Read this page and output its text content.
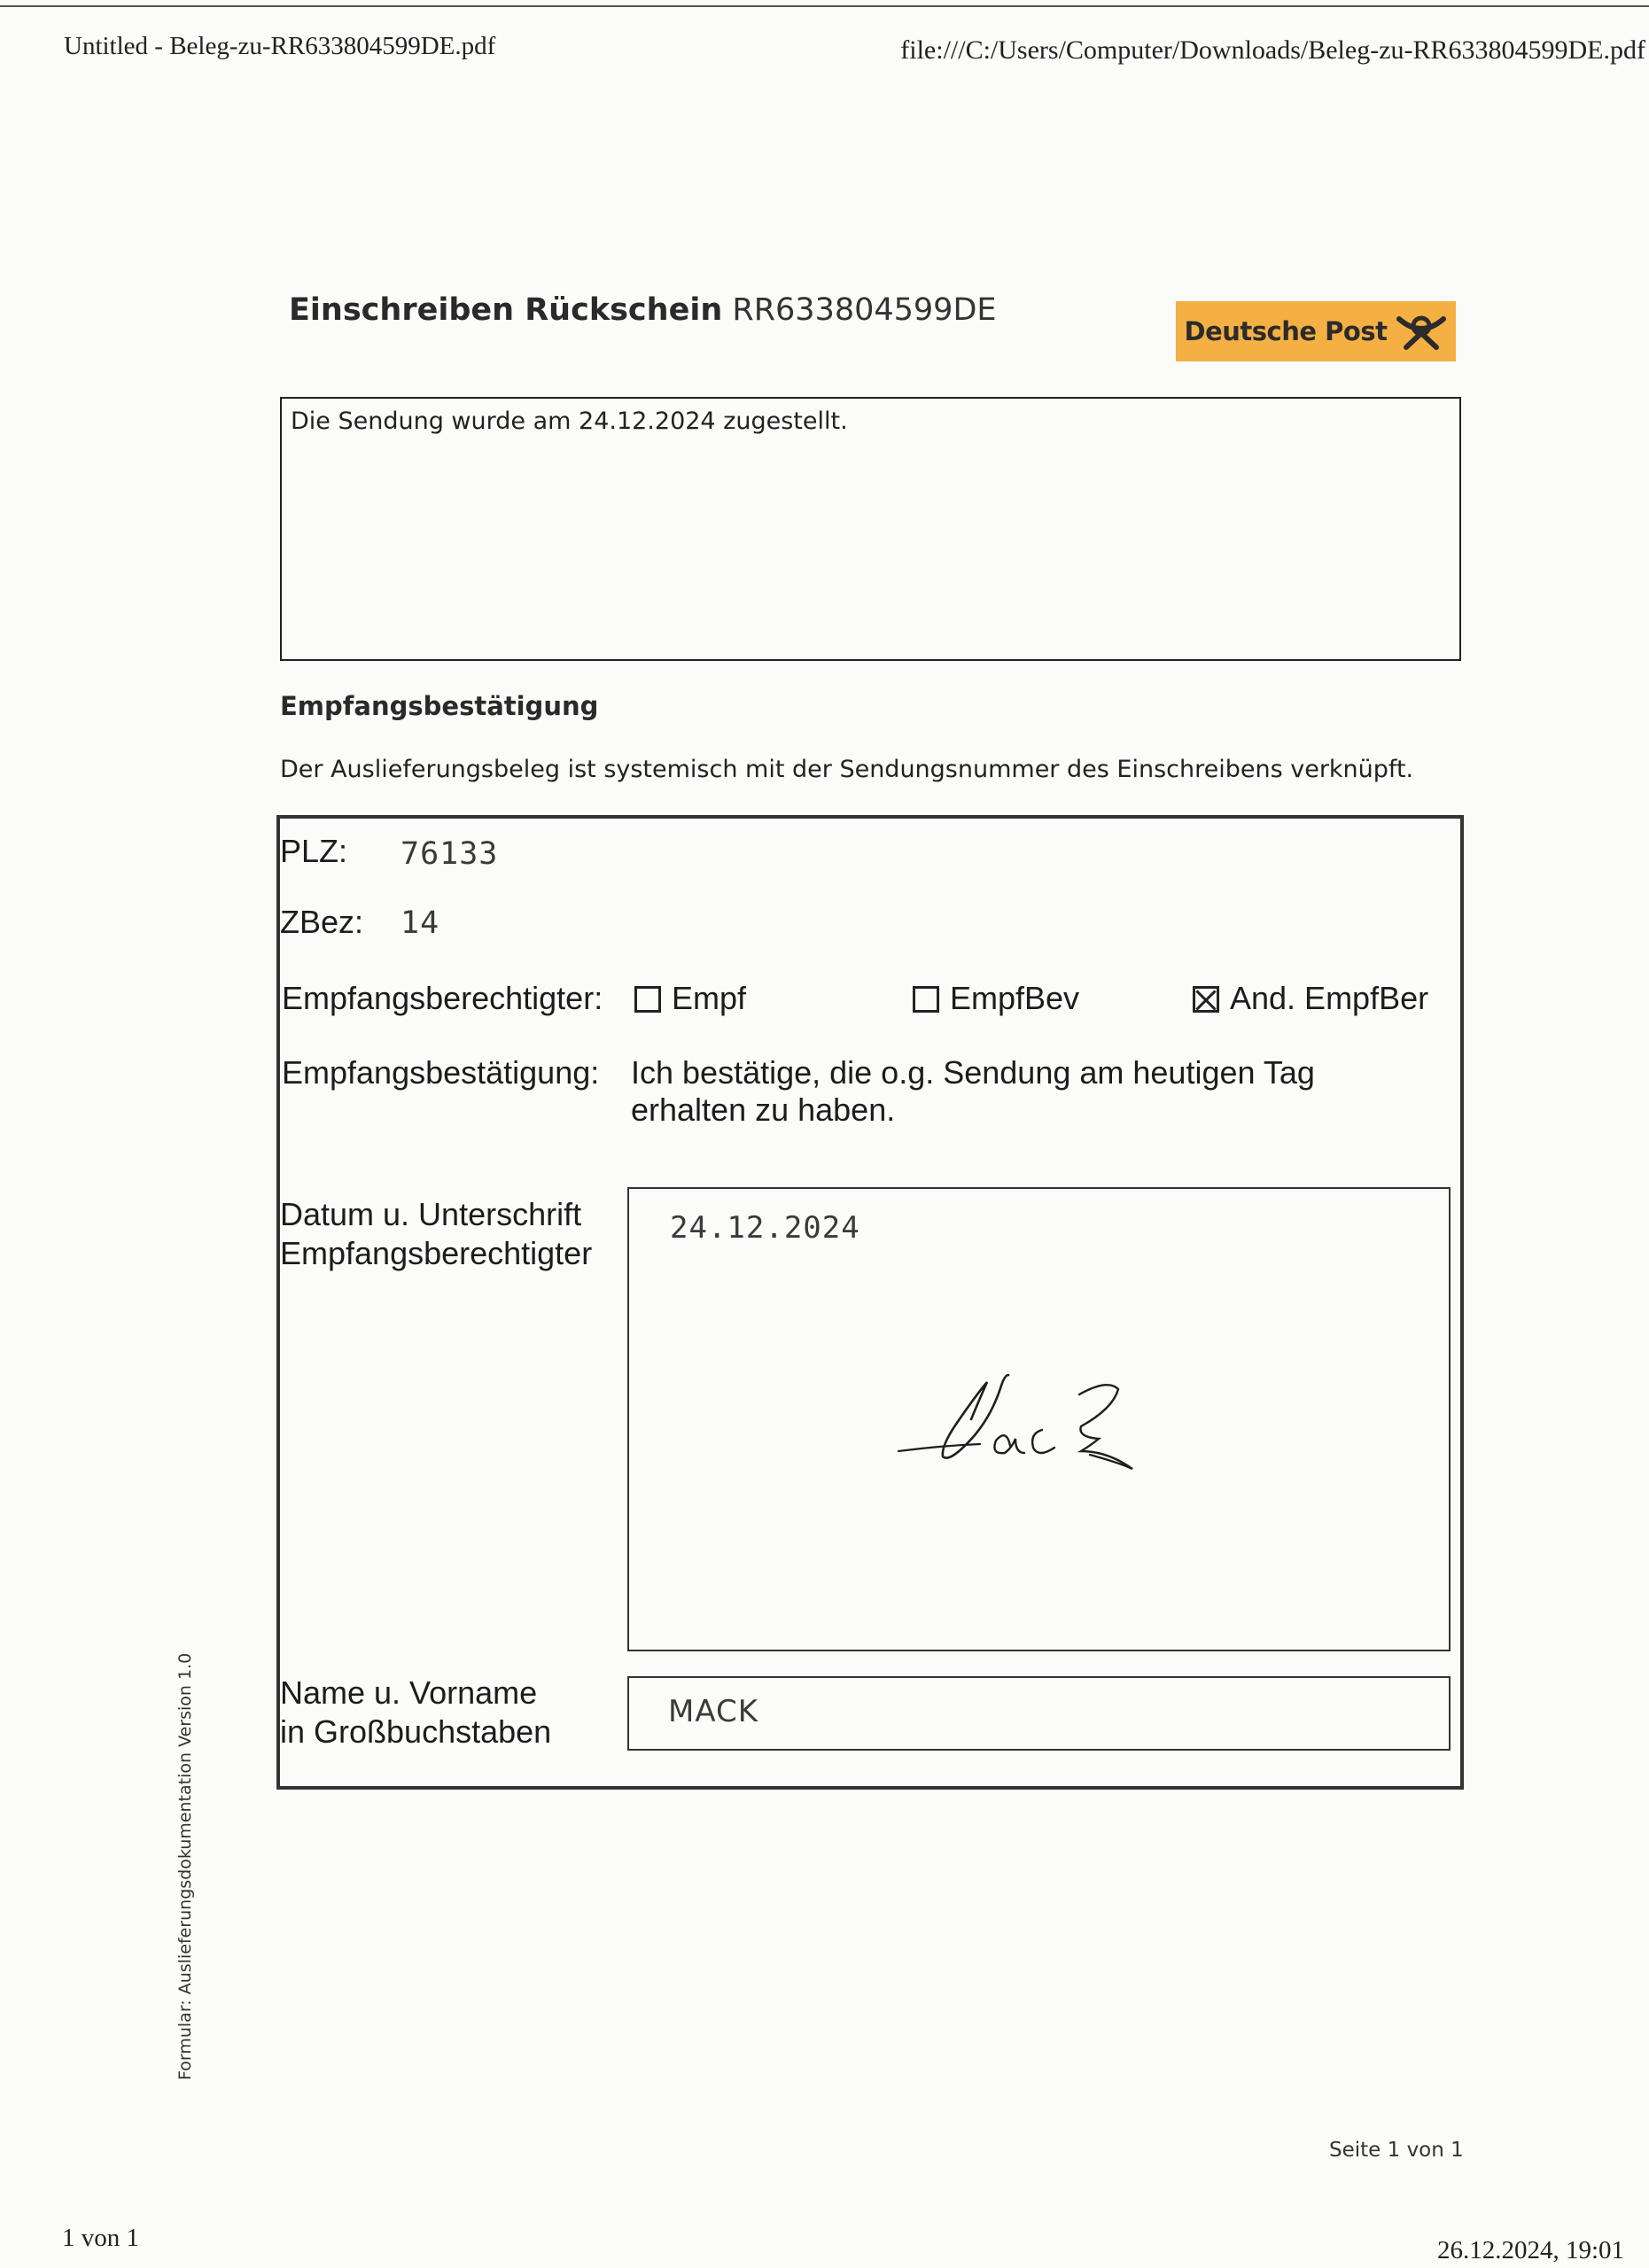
Untitled - Beleg-zu-RR633804599DE.pdf	file:///C:/Users/Computer/Downloads/Beleg-zu-RR633804599DE.pdf
Einschreiben Rückschein RR633804599DE
Deutsche Post
Die Sendung wurde am 24.12.2024 zugestellt.
Empfangsbestätigung
Der Auslieferungsbeleg ist systemisch mit der Sendungsnummer des Einschreibens verknüpft.
PLZ: 76133
ZBez: 14
Empfangsberechtigter:	Empf	EmpfBev	And. EmpfBer
Empfangsbestätigung: Ich bestätige, die o.g. Sendung am heutigen Tag
erhalten zu haben.
Datum u. Unterschrift
Empfangsberechtigter
24.12.2024
Name u. Vorname
in Großbuchstaben
MACK
Formular: Auslieferungsdokumentation Version 1.0
Seite 1 von 1
1 von 1	26.12.2024, 19:01
